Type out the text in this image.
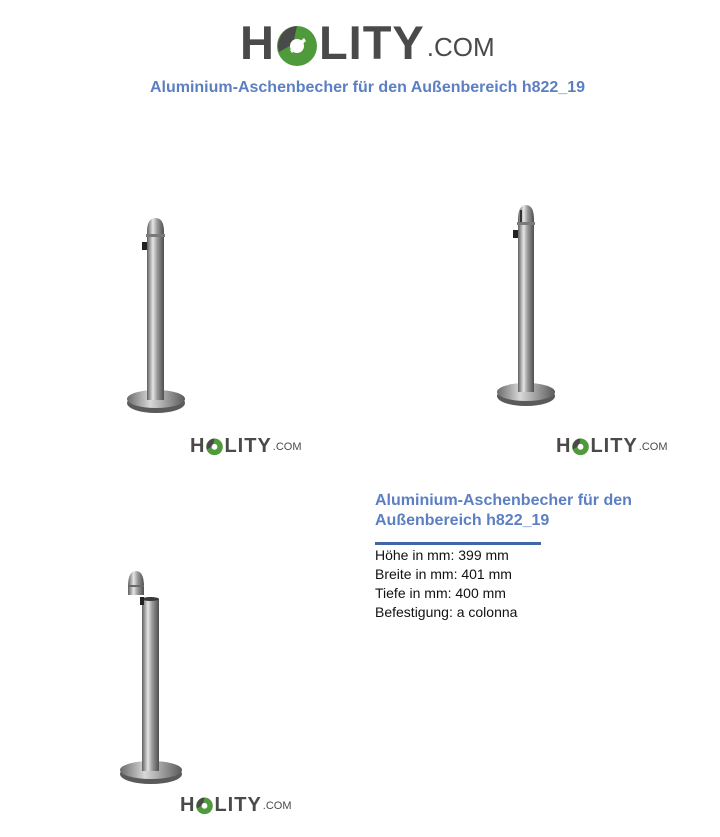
H LITY .COM
Aluminium-Aschenbecher für den Außenbereich h822_19
H LITY .COM	H LITY .COM
H LITY .COM
Aluminium-Aschenbecher für den Außenbereich h822_19
Höhe in mm: 399 mm
Breite in mm: 401 mm
Tiefe in mm: 400 mm
Befestigung: a colonna
